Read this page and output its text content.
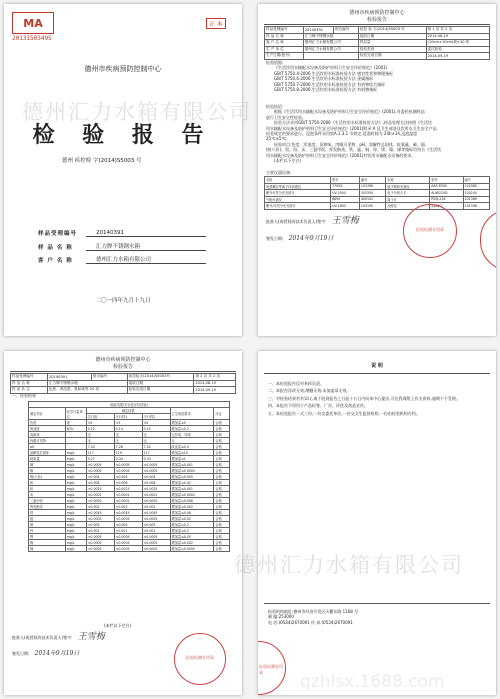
MA
2013150349S
正 本
德州市疾病预防控制中心
检 验 报 告
德州 疾控检 字(2014)S5003 号
样品受理编号	20140391
样 品 名 称	汇力牌不锈钢水箱
客 户 名 称	德州汇力水箱有限公司
二〇一四年九月十九日
德州市疾病预防控制中心
检验报告
样品受理编号	20140391	报告编号	疾控 检 字(2014)S5003 号	第 1 页 共 2 页
样 品 名 称	汇力牌不锈钢水箱		接收日期	2014.08.19
客 户 名 称	德州汇力水箱有限公司		样品量	(10cm×10cm)块×10 块
生 产 单 位	德州汇力水箱有限公司		检验类别	委托检验
生产日期(批号)			检验完成日期	2014.09.19
检验依据:
《生活饮用水输配水设备及防护材料卫生安全评价规范》(2001)
GB/T 5750.4-2006 生活饮用水标准检验方法 感官性状和物理指标
GB/T 5750.6-2006 生活饮用水标准检验方法 金属指标
GB/T 5750.7-2006 生活饮用水标准检验方法 有机物综合指标
GB/T 5750.8-2006 生活饮用水标准检验方法 有机物指标
检验结论:
根据《生活饮用水输配水设备及防护材料卫生安全评价规范》(2001),对委托检测样品
进行卫生安全性检验。
检验方法采用GB/T 5750-2006《生活饮用水标准检验方法》,样品处理方法按照《生活饮
用水输配水设备及防护材料卫生安全评价规范》(2001)附录 A 及卫生部涉及饮用水卫生安全产品
检验规定的要求进行。浸泡条件采用第A.1.3.1 节规定,浸泡时间为 24h±1h,浸泡温度
25℃±5℃。
检验项目:色度、浑浊度、臭和味、肉眼可见物、pH、溶解性总固体、耗氧量、砷、镉、
铬(六价)、铝、铅、汞、三氯甲烷、挥发酚类、铁、锰、铜、锌、钡、镍、锑等指标均符合《生活饮
用水输配水设备及防护材料卫生安全评价规范》(2001)对饮用水输配水设备的要求。
(本栏以下空白)
主要仪器设备:
名称	型号	编号	名称	型号	编号
电感耦合等离子体质谱仪	7700X	101396	原子吸收光谱仪	AAS 6300	102380
紫外可见分光光度计	UV-2550	303350	电子分析天平	AUW220D	103244
气相色谱仪	6890	400102	离子计	PXSJ-216	101389
紫外/可见分光光度计	UV-1800	103195	浊度仪	2100Q	101398
批准人(或授权的技术负责人)签字: 王雪梅
签发日期: 2014年9月19日
检验检测专用章
德州市疾病预防控制中心
检验报告
样品受理编号	20140391	报告编号	疾控检字(2014)S5003号	第 2 页 共 2 页
样 品 名 称	汇力牌不锈钢水箱		接收日期	2014.08.19
样 品 状 态	色度、浑浊度、臭和味等 20 项		检验完成日期	2014.09.19
一、检验结果
检验结果(安全性评价试验)						
测定项目	化学计量单位	测定结果			卫生规范要求	评定
		空白组	平行样1	平行样2		
色度	度	<5	<5	<5	增加量≤5	合格
浑浊度	NTU	0.12	0.14	0.15	增加量≤0.2	合格
臭和味		无	无	无	无异臭、异味	合格
肉眼可见物		无	无	无	无	合格
pH		7.20	7.26	7.24	改变量≤0.5	合格
溶解性总固体	mg/L	117	119	117	增加量≤10	合格
耗氧量	mg/L	0.27	0.34	0.33	增加量≤1	合格
砷	mg/L	<0.0005	<0.0005	<0.0005	增加量≤0.001	合格
镉	mg/L	<0.0005	<0.0005	<0.0005	增加量≤0.0005	合格
铬(六价)	mg/L	<0.004	<0.004	<0.004	增加量≤0.005	合格
铝	mg/L	<0.008	<0.008	<0.008	增加量≤0.02	合格
铅	mg/L	<0.0025	<0.0025	<0.0025	增加量≤0.001	合格
汞	mg/L	<0.0001	<0.0001	<0.0001	增加量≤0.0002	合格
三氯甲烷	mg/L	<0.0002	<0.0002	<0.0002	增加量≤0.006	合格
挥发酚类	mg/L	<0.002	<0.002	<0.002	增加量≤0.002	合格
铁	mg/L	<0.0045	<0.0045	<0.0045	增加量≤0.06	合格
锰	mg/L	<0.0005	<0.0005	<0.0005	增加量≤0.02	合格
铜	mg/L	<0.005	<0.005	<0.005	增加量≤0.2	合格
锌	mg/L	<0.001	<0.001	<0.001	增加量≤0.2	合格
钡	mg/L	<0.0005	<0.0005	<0.0005	增加量≤0.05	合格
镍	mg/L	<0.0005	<0.0005	<0.0005	增加量≤0.002	合格
锑	mg/L	<0.0005	<0.0005	<0.0005	增加量≤0.0005	合格
(本栏以下空白)
批准人(或授权的技术负责人)签字: 王雪梅
签发日期: 2014年9月19日
检验检测专用章
说 明
一、本检验报告仅对来样负责。
二、本报告涂改无效,增删无效,未加盖章无效。
三、对检验结果若有异议,请于收到报告之日起十五日内向本中心提出,可在我周附上有关资料,逾期不予受理。
四、本报告不得用于产品标签、广告、评优及商品宣传。
五、本检验报告一式三份,一份交委托单位,一份交卫生监督机构,一份由检验机构存档。
检验机构地址:德州市经济开发区天衢东路 1168 号
邮 编:253000
电 话:(0534)2670091 传 真:(0534)2670091
检验检测专用章
德州汇力水箱有限公司
德州汇力水箱有限公司
qzhlsx.1688.com
